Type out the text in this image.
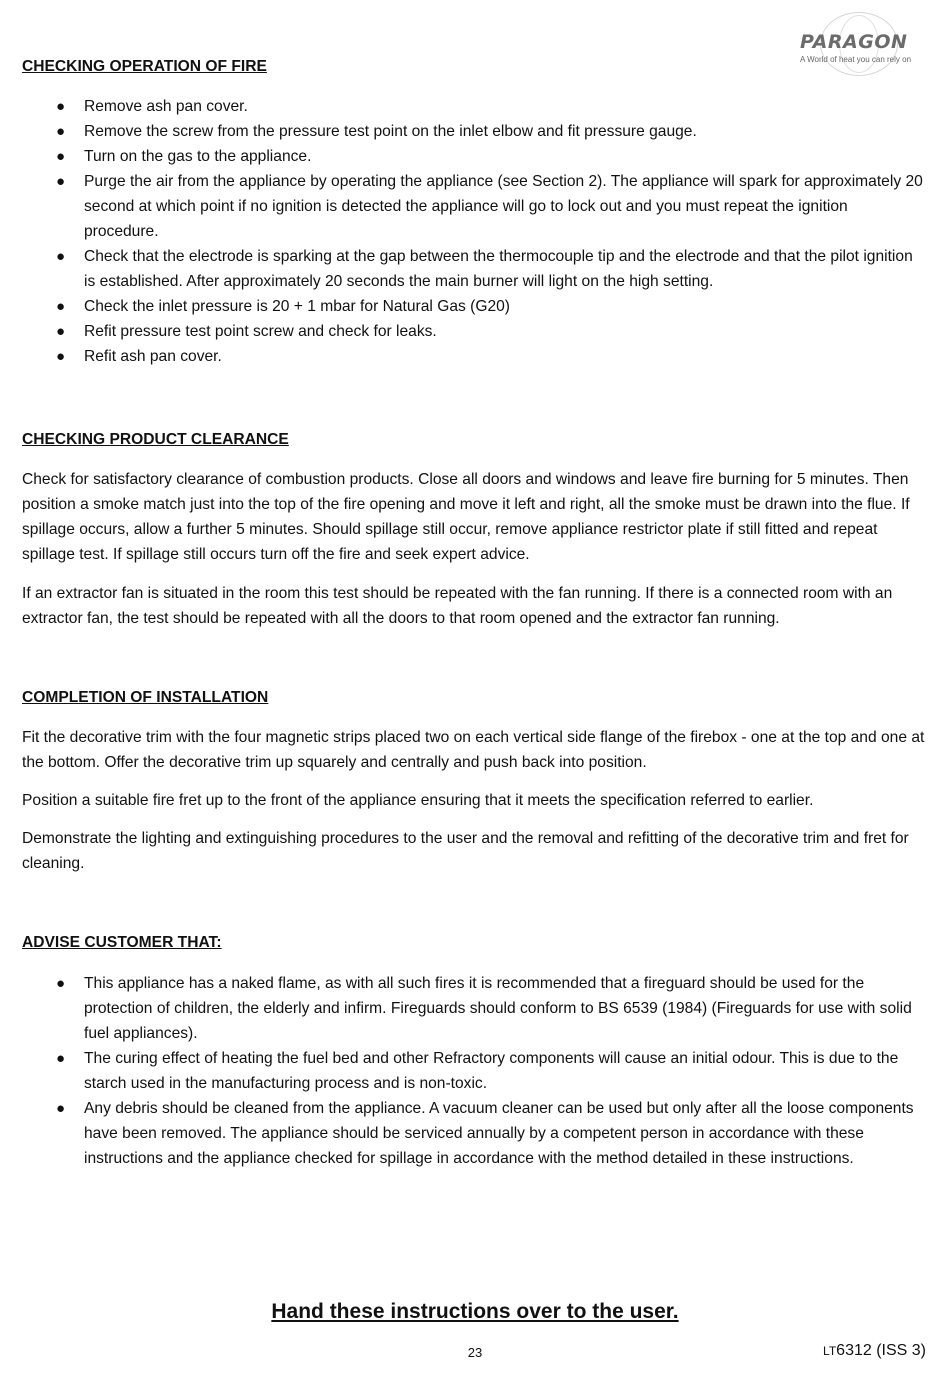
PARAGON
A World of heat you can rely on

CHECKING OPERATION OF FIRE

● Remove ash pan cover.
● Remove the screw from the pressure test point on the inlet elbow and fit pressure gauge.
● Turn on the gas to the appliance.
● Purge the air from the appliance by operating the appliance (see Section 2). The appliance will spark for approximately 20 second at which point if no ignition is detected the appliance will go to lock out and you must repeat the ignition procedure.
● Check that the electrode is sparking at the gap between the thermocouple tip and the electrode and that the pilot ignition is established. After approximately 20 seconds the main burner will light on the high setting.
● Check the inlet pressure is 20 + 1 mbar for Natural Gas (G20)
● Refit pressure test point screw and check for leaks.
● Refit ash pan cover.

CHECKING PRODUCT CLEARANCE

Check for satisfactory clearance of combustion products. Close all doors and windows and leave fire burning for 5 minutes. Then position a smoke match just into the top of the fire opening and move it left and right, all the smoke must be drawn into the flue. If spillage occurs, allow a further 5 minutes. Should spillage still occur, remove appliance restrictor plate if still fitted and repeat spillage test. If spillage still occurs turn off the fire and seek expert advice.

If an extractor fan is situated in the room this test should be repeated with the fan running. If there is a connected room with an extractor fan, the test should be repeated with all the doors to that room opened and the extractor fan running.

COMPLETION OF INSTALLATION

Fit the decorative trim with the four magnetic strips placed two on each vertical side flange of the firebox - one at the top and one at the bottom. Offer the decorative trim up squarely and centrally and push back into position.

Position a suitable fire fret up to the front of the appliance ensuring that it meets the specification referred to earlier.

Demonstrate the lighting and extinguishing procedures to the user and the removal and refitting of the decorative trim and fret for cleaning.

ADVISE CUSTOMER THAT:

● This appliance has a naked flame, as with all such fires it is recommended that a fireguard should be used for the protection of children, the elderly and infirm. Fireguards should conform to BS 6539 (1984) (Fireguards for use with solid fuel appliances).
● The curing effect of heating the fuel bed and other Refractory components will cause an initial odour. This is due to the starch used in the manufacturing process and is non-toxic.
● Any debris should be cleaned from the appliance. A vacuum cleaner can be used but only after all the loose components have been removed. The appliance should be serviced annually by a competent person in accordance with these instructions and the appliance checked for spillage in accordance with the method detailed in these instructions.
Hand these instructions over to the user.
23	LT6312 (ISS 3)
